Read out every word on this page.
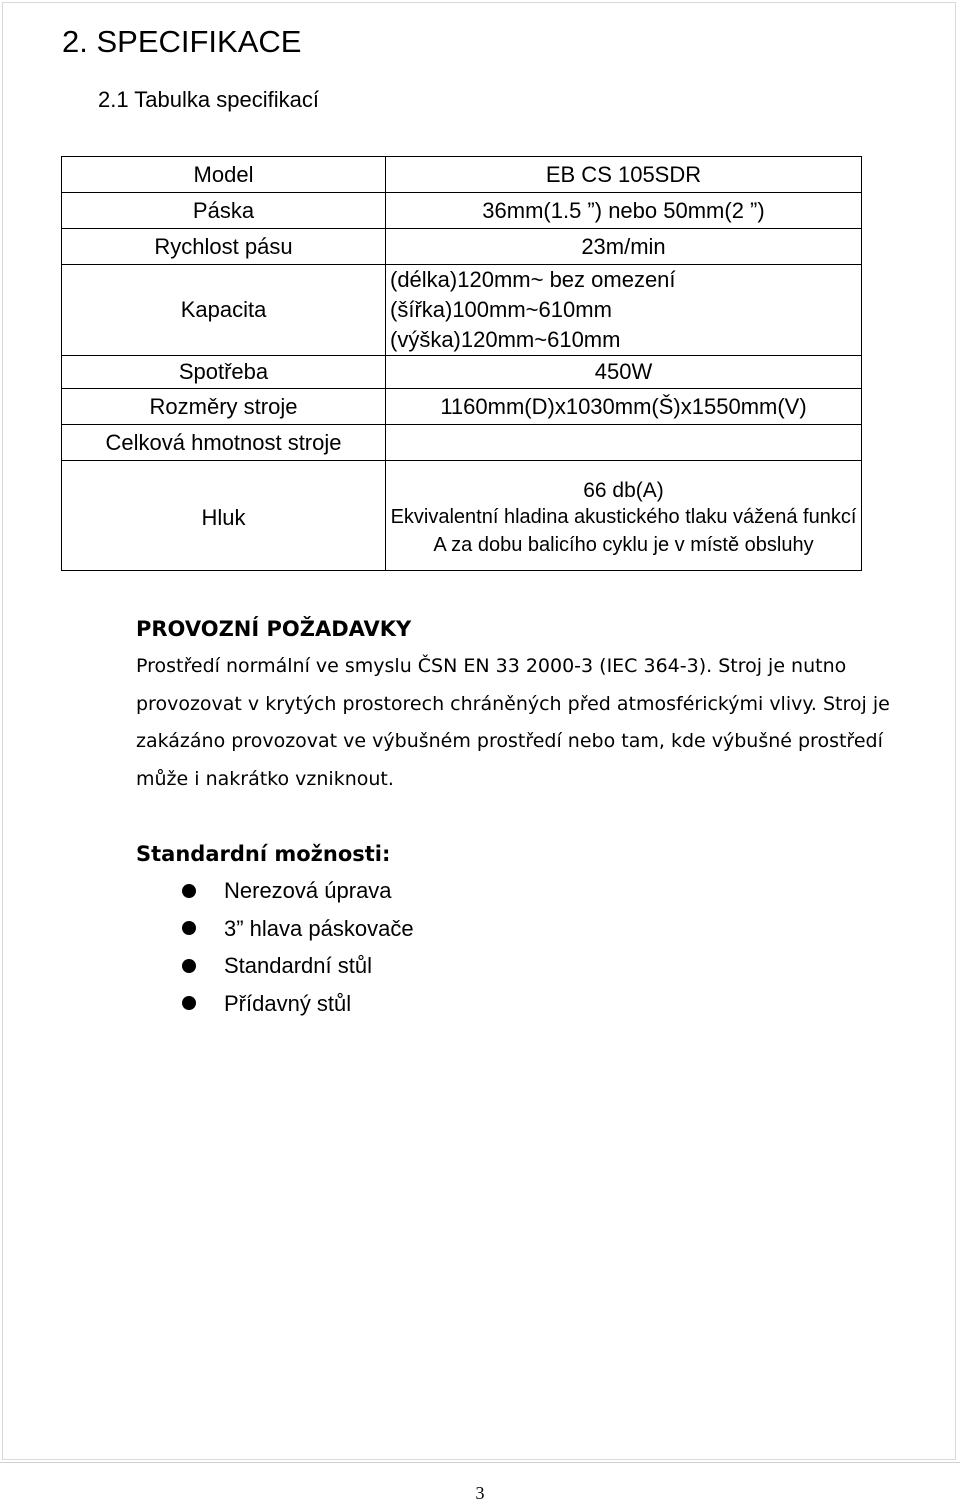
2. SPECIFIKACE
2.1 Tabulka specifikací
Model	EB CS 105SDR
Páska	36mm(1.5 ”) nebo 50mm(2 ”)
Rychlost pásu	23m/min
Kapacita	(délka)120mm~ bez omezení
(šířka)100mm~610mm
(výška)120mm~610mm

Spotřeba	450W
Rozměry stroje	1160mm(D)x1030mm(Š)x1550mm(V)
Celková hmotnost stroje	

Hluk	66 db(A)
Ekvivalentní hladina akustického tlaku vážená funkcí A za dobu balicího cyklu je v místě obsluhy
PROVOZNÍ POŽADAVKY

Prostředí normální ve smyslu ČSN EN 33 2000-3 (IEC 364-3). Stroj je nutno provozovat v krytých prostorech chráněných před atmosférickými vlivy. Stroj je zakázáno provozovat ve výbušném prostředí nebo tam, kde výbušné prostředí může i nakrátko vzniknout.

Standardní možnosti:
Nerezová úprava
3” hlava páskovače
Standardní stůl
Přídavný stůl
3
